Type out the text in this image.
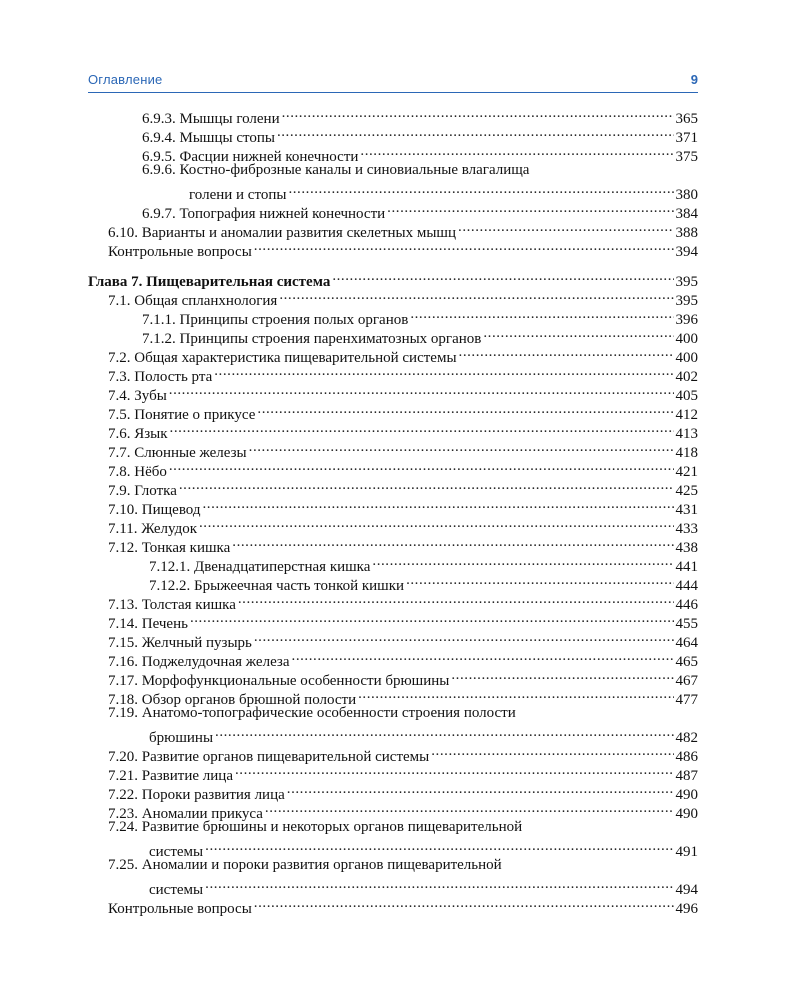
Оглавление	9
6.9.3. Мышцы голени . . .	365
6.9.4. Мышцы стопы . . .	371
6.9.5. Фасции нижней конечности . . .	375
6.9.6. Костно-фиброзные каналы и синовиальные влагалища
голени и стопы . . .	380
6.9.7. Топография нижней конечности . . .	384
6.10. Варианты и аномалии развития скелетных мышц . . .	388
Контрольные вопросы . . .	394
Глава 7. Пищеварительная система . . .	395
7.1. Общая спланхнология . . .	395
7.1.1. Принципы строения полых органов . . .	396
7.1.2. Принципы строения паренхиматозных органов . . .	400
7.2. Общая характеристика пищеварительной системы . . .	400
7.3. Полость рта . . .	402
7.4. Зубы . . .	405
7.5. Понятие о прикусе . . .	412
7.6. Язык . . .	413
7.7. Слюнные железы . . .	418
7.8. Нёбо . . .	421
7.9. Глотка . . .	425
7.10. Пищевод . . .	431
7.11. Желудок . . .	433
7.12. Тонкая кишка . . .	438
7.12.1. Двенадцатиперстная кишка . . .	441
7.12.2. Брыжеечная часть тонкой кишки . . .	444
7.13. Толстая кишка . . .	446
7.14. Печень . . .	455
7.15. Желчный пузырь . . .	464
7.16. Поджелудочная железа . . .	465
7.17. Морфофункциональные особенности брюшины . . .	467
7.18. Обзор органов брюшной полости . . .	477
7.19. Анатомо-топографические особенности строения полости
брюшины . . .	482
7.20. Развитие органов пищеварительной системы . . .	486
7.21. Развитие лица . . .	487
7.22. Пороки развития лица . . .	490
7.23. Аномалии прикуса . . .	490
7.24. Развитие брюшины и некоторых органов пищеварительной
системы . . .	491
7.25. Аномалии и пороки развития органов пищеварительной
системы . . .	494
Контрольные вопросы . . .	496
